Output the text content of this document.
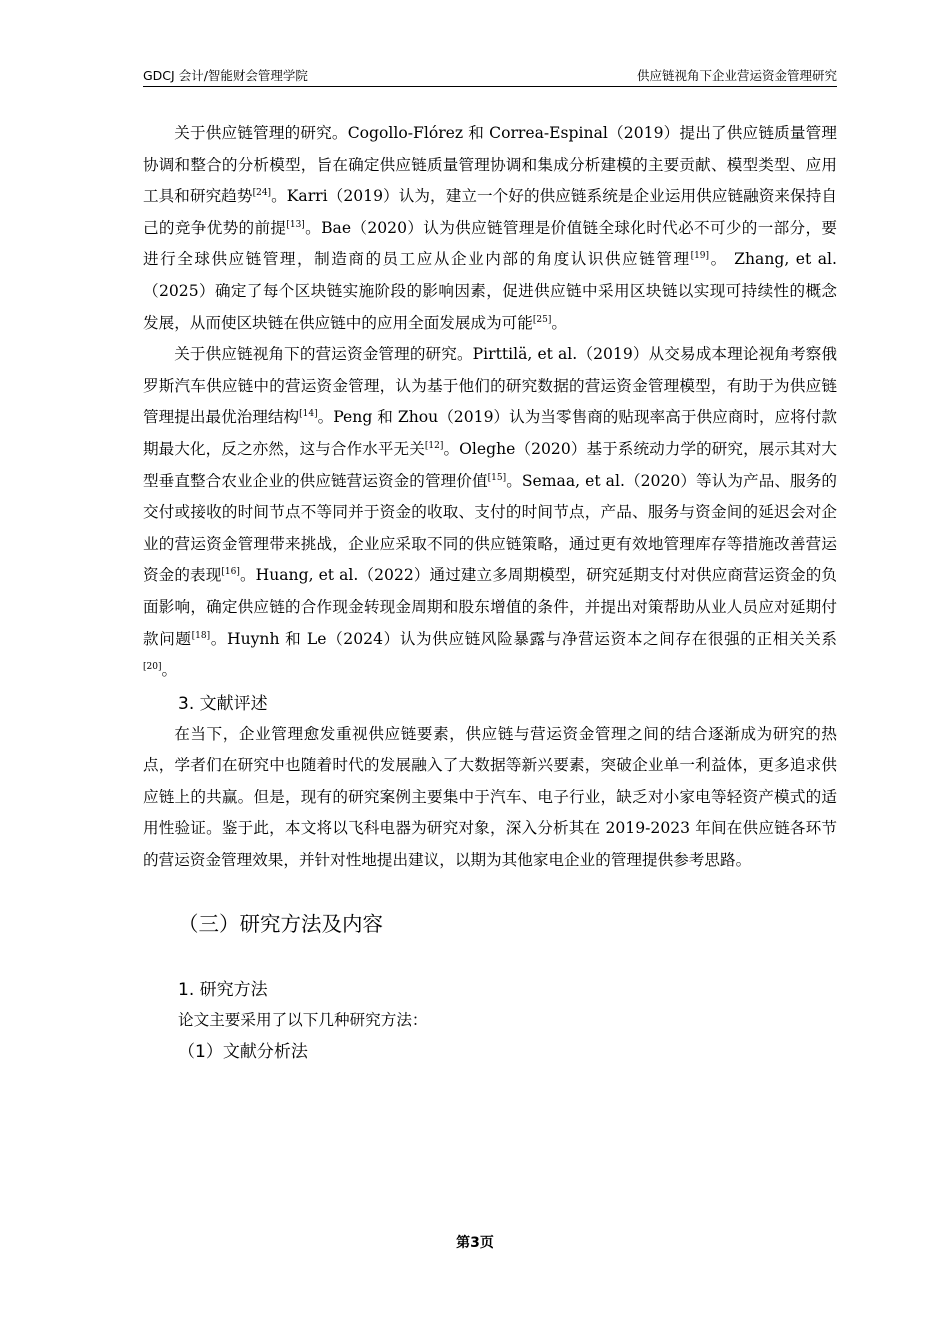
GDCJ 会计/智能财会管理学院	供应链视角下企业营运资金管理研究

关于供应链管理的研究。Cogollo-Flórez 和 Correa-Espinal（2019）提出了供应链质量管理协调和整合的分析模型，旨在确定供应链质量管理协调和集成分析建模的主要贡献、模型类型、应用工具和研究趋势[24]。Karri（2019）认为，建立一个好的供应链系统是企业运用供应链融资来保持自己的竞争优势的前提[13]。Bae（2020）认为供应链管理是价值链全球化时代必不可少的一部分，要进行全球供应链管理，制造商的员工应从企业内部的角度认识供应链管理[19]。 Zhang, et al.（2025）确定了每个区块链实施阶段的影响因素，促进供应链中采用区块链以实现可持续性的概念发展，从而使区块链在供应链中的应用全面发展成为可能[25]。

关于供应链视角下的营运资金管理的研究。Pirttilä, et al.（2019）从交易成本理论视角考察俄罗斯汽车供应链中的营运资金管理，认为基于他们的研究数据的营运资金管理模型，有助于为供应链管理提出最优治理结构[14]。Peng 和 Zhou（2019）认为当零售商的贴现率高于供应商时，应将付款期最大化，反之亦然，这与合作水平无关[12]。Oleghe（2020）基于系统动力学的研究，展示其对大型垂直整合农业企业的供应链营运资金的管理价值[15]。Semaa, et al.（2020）等认为产品、服务的交付或接收的时间节点不等同并于资金的收取、支付的时间节点，产品、服务与资金间的延迟会对企业的营运资金管理带来挑战，企业应采取不同的供应链策略，通过更有效地管理库存等措施改善营运资金的表现[16]。Huang, et al.（2022）通过建立多周期模型，研究延期支付对供应商营运资金的负面影响，确定供应链的合作现金转现金周期和股东增值的条件，并提出对策帮助从业人员应对延期付款问题[18]。Huynh 和 Le（2024）认为供应链风险暴露与净营运资本之间存在很强的正相关关系[20]。

3. 文献评述

在当下，企业管理愈发重视供应链要素，供应链与营运资金管理之间的结合逐渐成为研究的热点，学者们在研究中也随着时代的发展融入了大数据等新兴要素，突破企业单一利益体，更多追求供应链上的共赢。但是，现有的研究案例主要集中于汽车、电子行业，缺乏对小家电等轻资产模式的适用性验证。鉴于此，本文将以飞科电器为研究对象，深入分析其在 2019-2023 年间在供应链各环节的营运资金管理效果，并针对性地提出建议，以期为其他家电企业的管理提供参考思路。

（三）研究方法及内容
1. 研究方法
论文主要采用了以下几种研究方法：
（1）文献分析法
第3页
